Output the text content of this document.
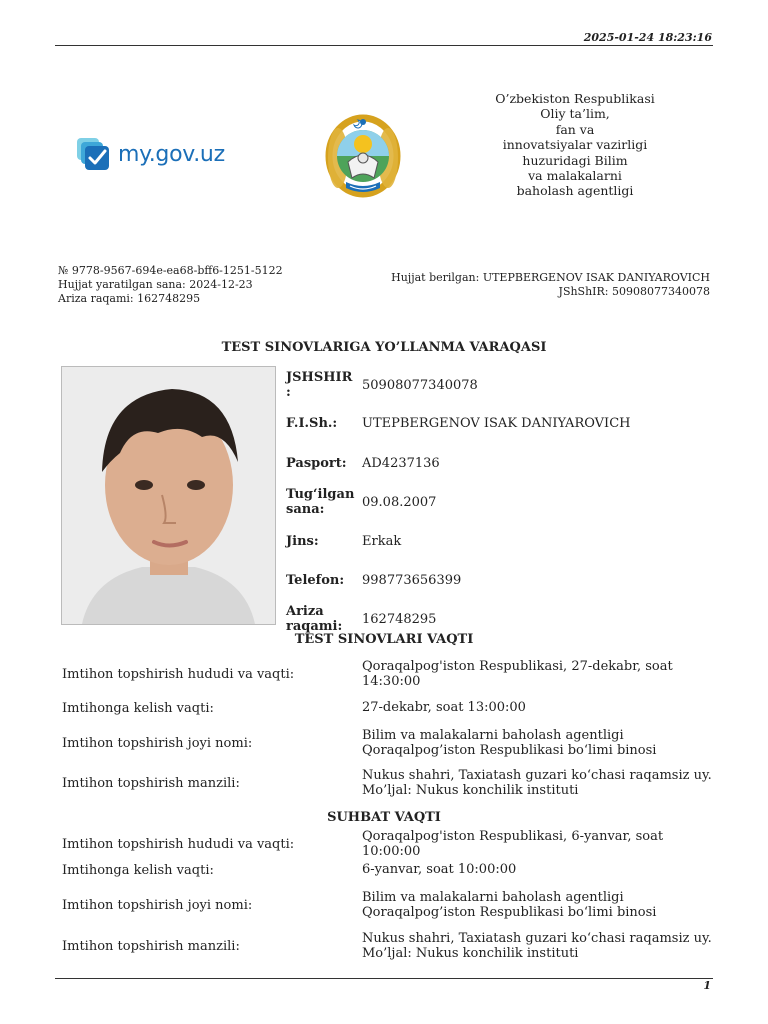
2025-01-24 18:23:16
my.gov.uz
O’zbekiston Respublikasi
Oliy ta’lim,
fan va
innovatsiyalar vazirligi
huzuridagi Bilim
va malakalarni
baholash agentligi
№ 9778-9567-694e-ea68-bff6-1251-5122
Hujjat yaratilgan sana: 2024-12-23
Ariza raqami: 162748295
Hujjat berilgan: UTEPBERGENOV ISAK DANIYAROVICH
JShShIR: 50908077340078
TEST SINOVLARIGA YO’LLANMA VARAQASI
JSHSHIR :	50908077340078
F.I.Sh.:	UTEPBERGENOV ISAK DANIYAROVICH
Pasport:	AD4237136
Tug‘ilgan sana:	09.08.2007
Jins:	Erkak
Telefon:	998773656399
Ariza raqami:	162748295
TEST SINOVLARI VAQTI
Imtihon topshirish hududi va vaqti:
Qoraqalpog'iston Respublikasi, 27-dekabr, soat 14:30:00
Imtihonga kelish vaqti:	27-dekabr, soat 13:00:00
Imtihon topshirish joyi nomi:
Bilim va malakalarni baholash agentligi Qoraqalpog’iston Respublikasi bo‘limi binosi
Imtihon topshirish manzili:
Nukus shahri, Taxiatash guzari ko‘chasi raqamsiz uy. Mo’ljal: Nukus konchilik instituti
SUHBAT VAQTI
Imtihon topshirish hududi va vaqti:
Qoraqalpog'iston Respublikasi, 6-yanvar, soat 10:00:00
Imtihonga kelish vaqti:	6-yanvar, soat 10:00:00
Imtihon topshirish joyi nomi:
Bilim va malakalarni baholash agentligi Qoraqalpog’iston Respublikasi bo‘limi binosi
Imtihon topshirish manzili:
Nukus shahri, Taxiatash guzari ko‘chasi raqamsiz uy. Mo’ljal: Nukus konchilik instituti
1
